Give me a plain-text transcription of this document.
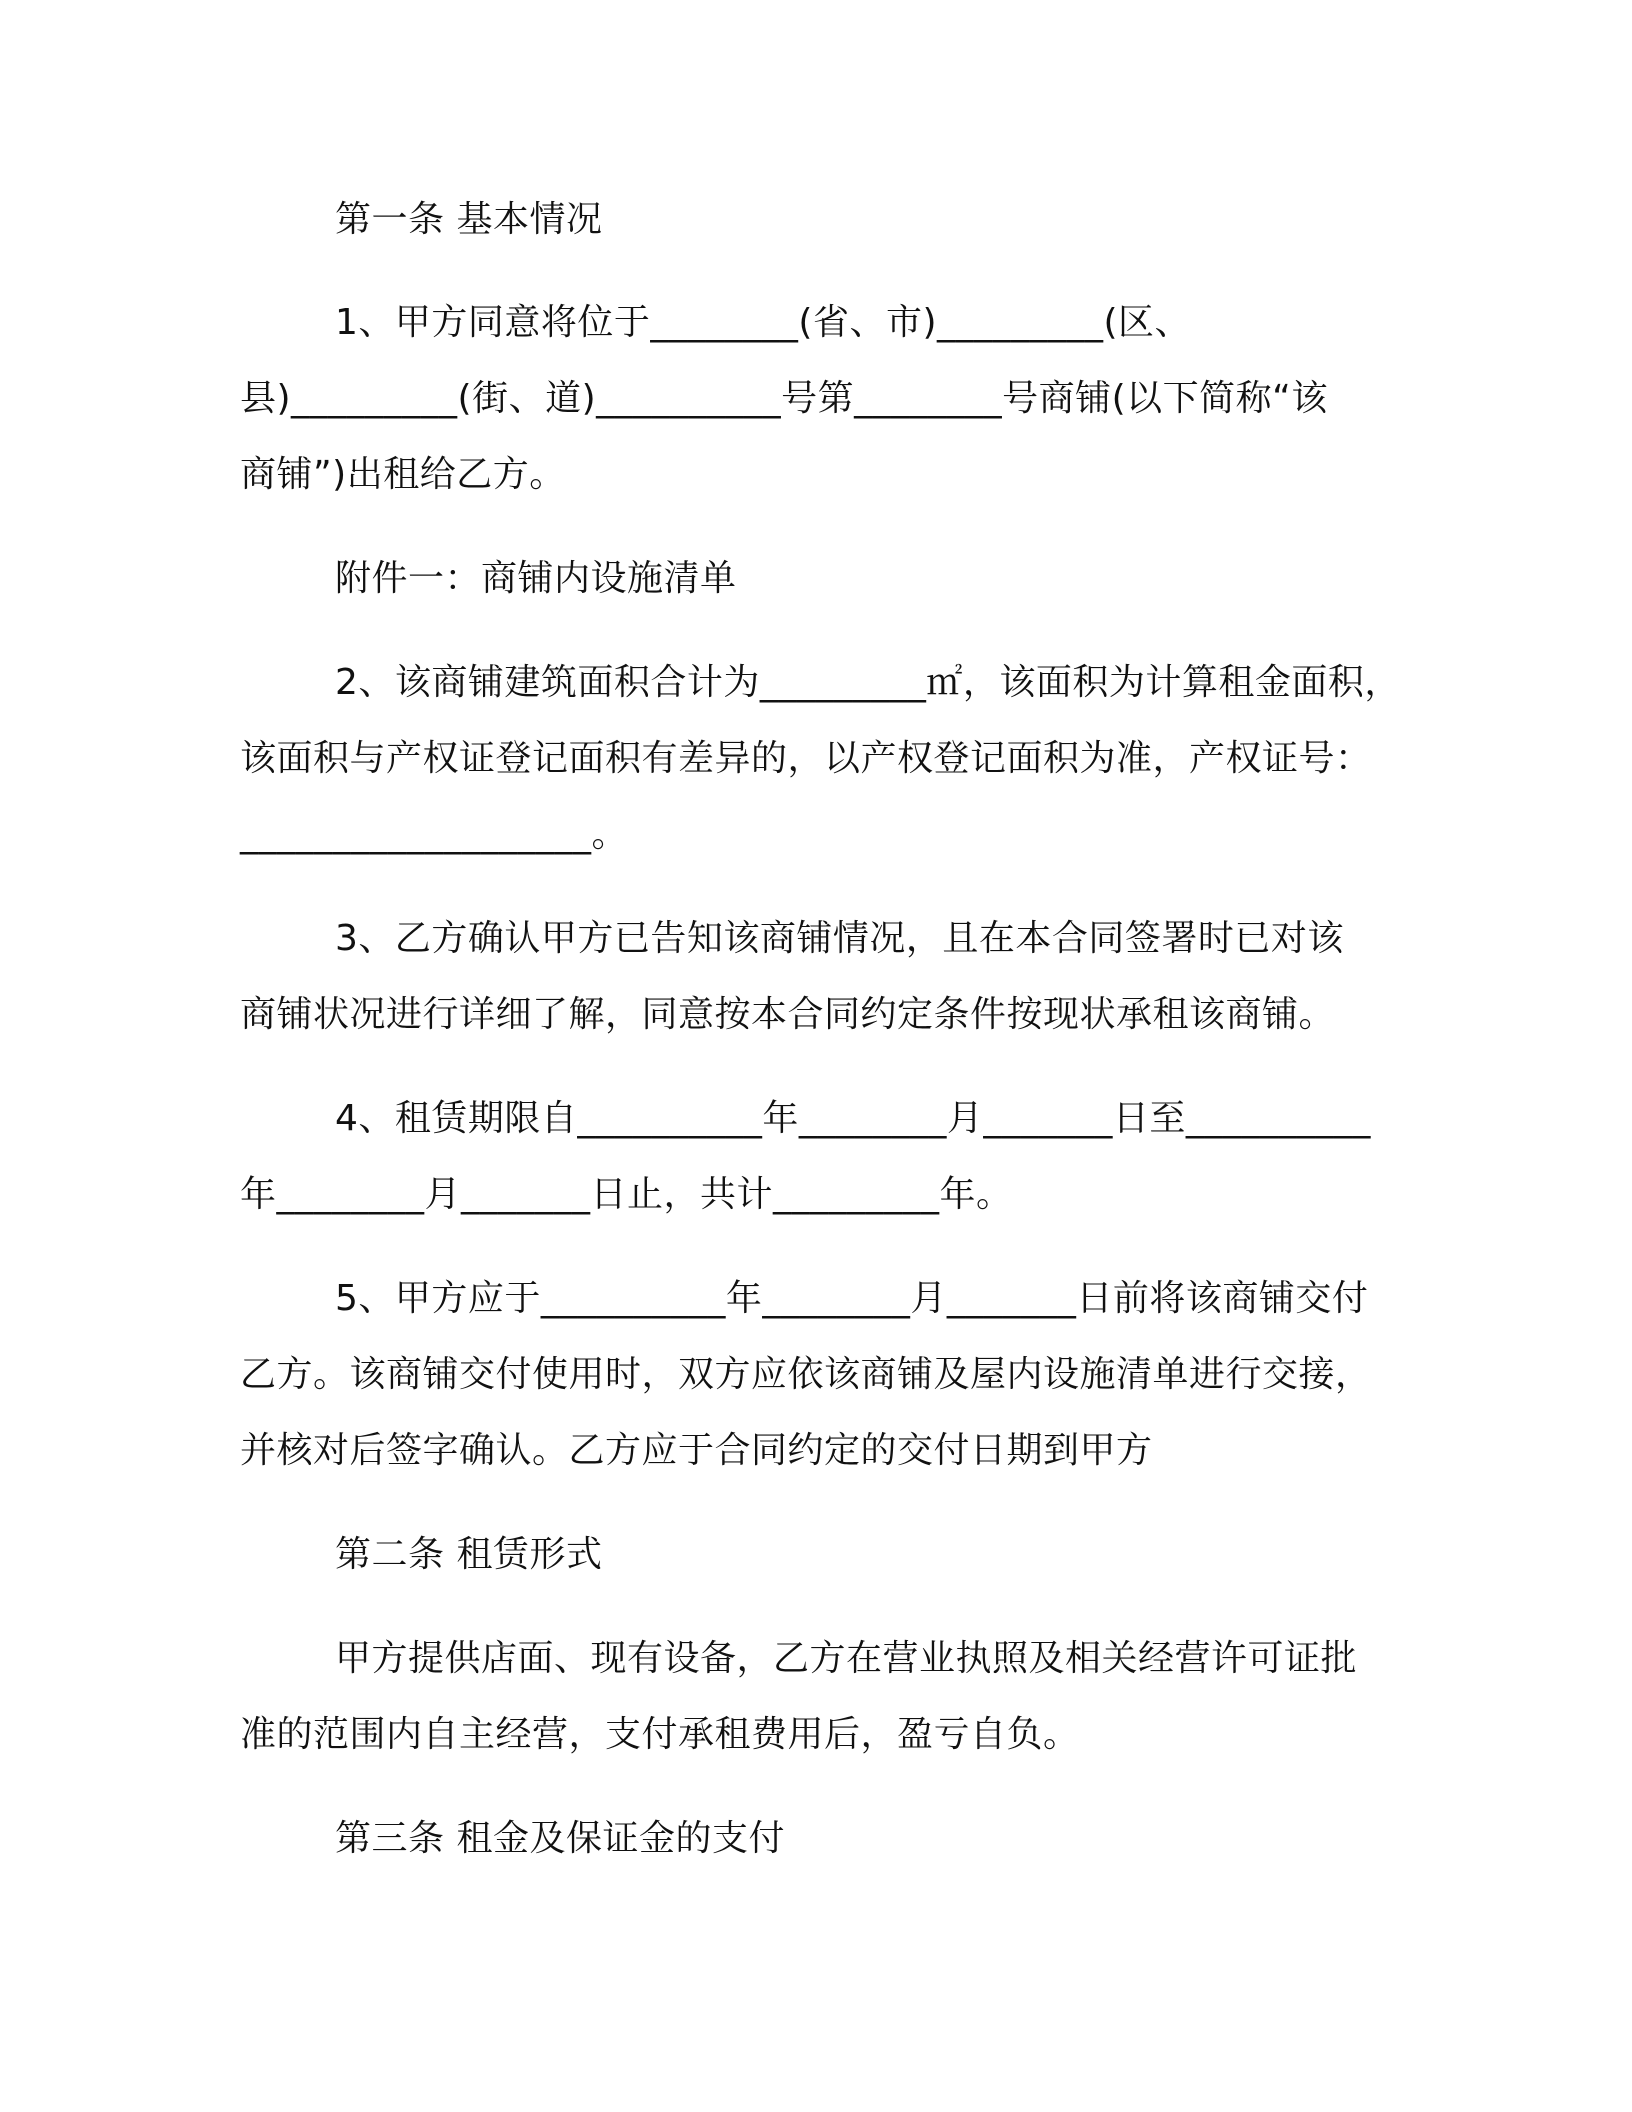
第一条 基本情况
1、甲方同意将位于________(省、市)_________(区、
县)_________(街、道)__________号第________号商铺(以下简称“该
商铺”)出租给乙方。
附件一：商铺内设施清单
2、该商铺建筑面积合计为_________㎡，该面积为计算租金面积，
该面积与产权证登记面积有差异的，以产权登记面积为准，产权证号：
___________________。
3、乙方确认甲方已告知该商铺情况，且在本合同签署时已对该
商铺状况进行详细了解，同意按本合同约定条件按现状承租该商铺。
4、租赁期限自__________年________月_______日至__________
年________月_______日止，共计_________年。
5、甲方应于__________年________月_______日前将该商铺交付
乙方。该商铺交付使用时，双方应依该商铺及屋内设施清单进行交接，
并核对后签字确认。乙方应于合同约定的交付日期到甲方
第二条 租赁形式
甲方提供店面、现有设备，乙方在营业执照及相关经营许可证批
准的范围内自主经营，支付承租费用后，盈亏自负。
第三条 租金及保证金的支付
